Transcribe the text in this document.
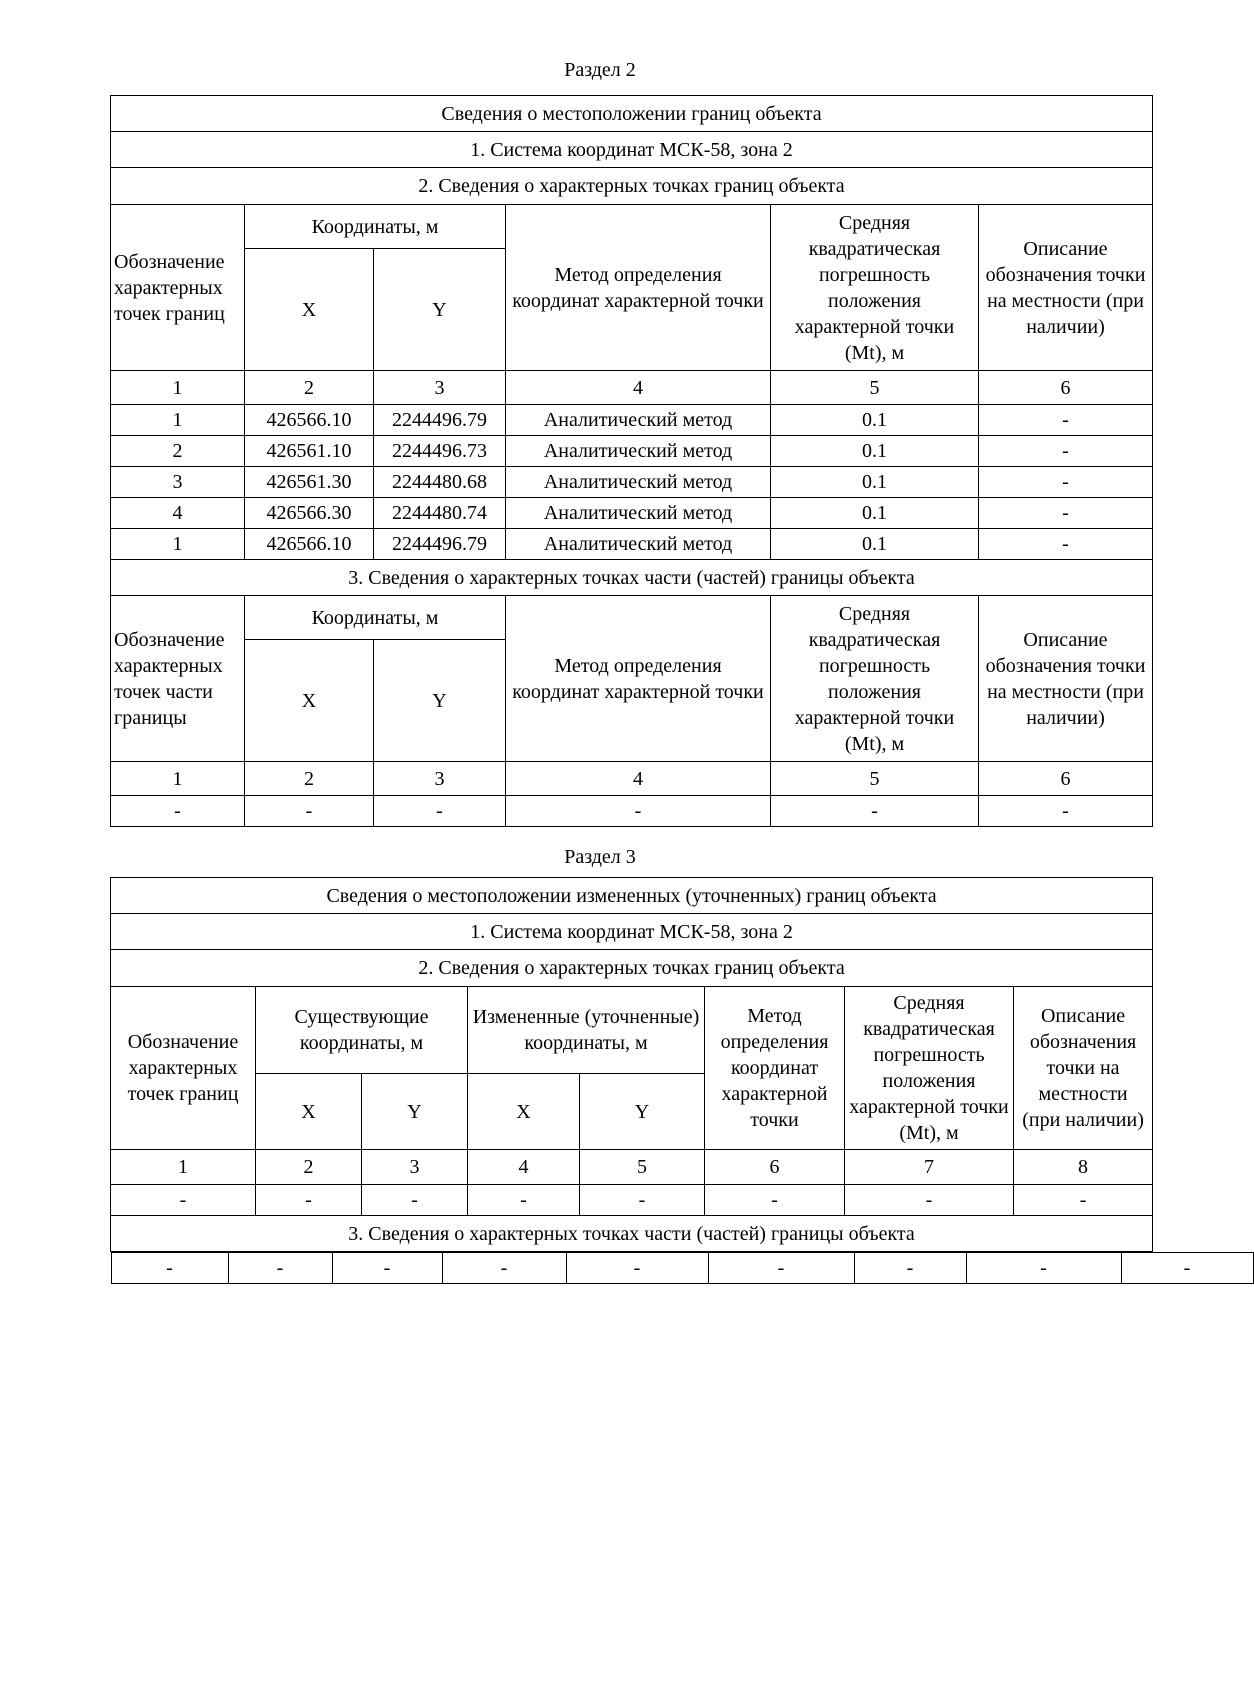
Раздел 2
Сведения о местоположении границ объекта					
1. Система координат МСК-58, зона 2					
2. Сведения о характерных точках границ объекта					
Обозначение характерных точек границ	Координаты, м		Метод определения координат характерной точки	Средняя квадратическая погрешность положения характерной точки (Mt), м	Описание обозначения точки на местности (при наличии)
	X	Y			
1	2	3	4	5	6
1	426566.10	2244496.79	Аналитический метод	0.1	-
2	426561.10	2244496.73	Аналитический метод	0.1	-
3	426561.30	2244480.68	Аналитический метод	0.1	-
4	426566.30	2244480.74	Аналитический метод	0.1	-
1	426566.10	2244496.79	Аналитический метод	0.1	-
3. Сведения о характерных точках части (частей) границы объекта					
Обозначение характерных точек части границы	Координаты, м		Метод определения координат характерной точки	Средняя квадратическая погрешность положения характерной точки (Mt), м	Описание обозначения точки на местности (при наличии)
	X	Y			
1	2	3	4	5	6
-	-	-	-	-	-
Раздел 3
Сведения о местоположении измененных (уточненных) границ объекта
1. Система координат МСК-58, зона 2
2. Сведения о характерных точках границ объекта
Обозначение характерных точек границ	Существующие координаты, м	Измененные (уточненные) координаты, м	Метод определения координат характерной точки	Средняя квадратическая погрешность положения характерной точки (Mt), м	Описание обозначения точки на местности (при наличии)
X	Y	X	Y
1	2	3	4	5	6	7	8
-	-	-	-	-	-	-	-
3. Сведения о характерных точках части (частей) границы объекта

-	-	-	-	-	-	-	-	-
